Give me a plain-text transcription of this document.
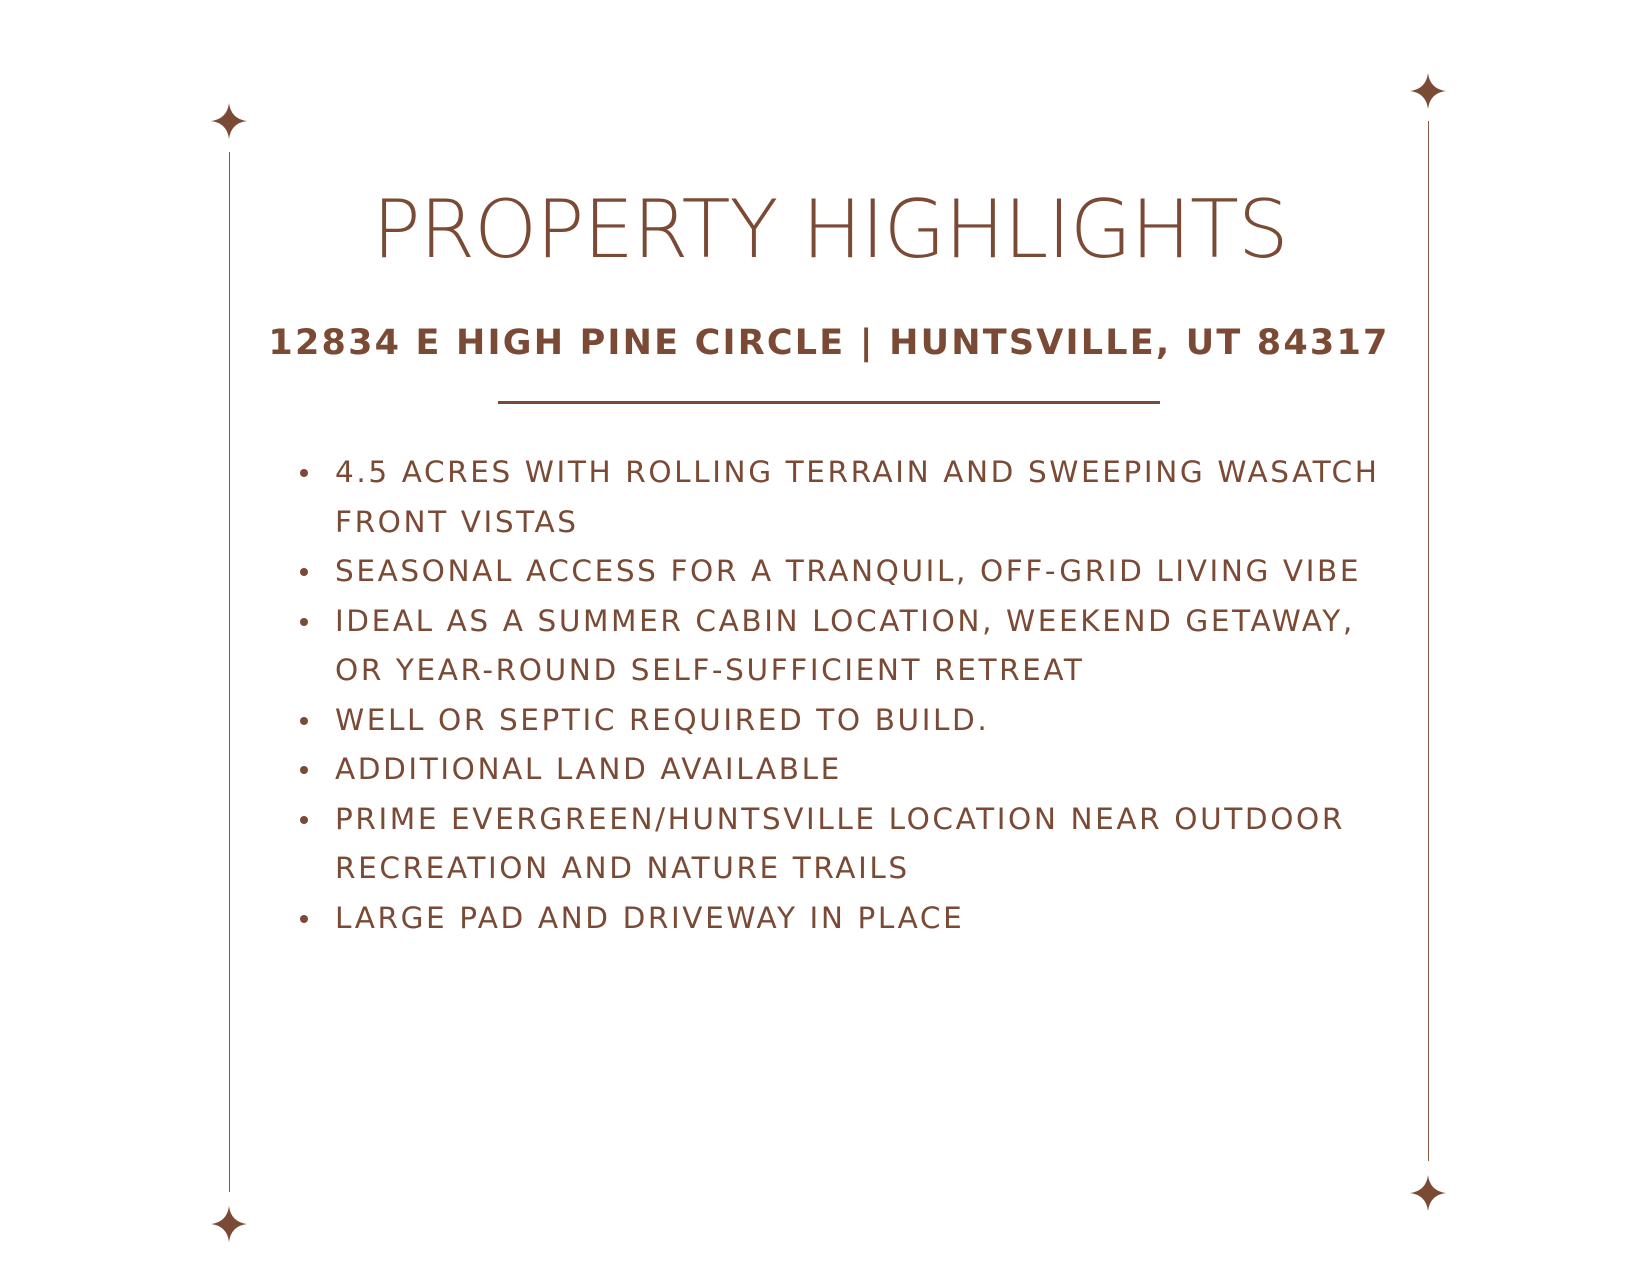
PROPERTY HIGHLIGHTS
12834 E HIGH PINE CIRCLE | HUNTSVILLE, UT 84317
4.5 ACRES WITH ROLLING TERRAIN AND SWEEPING WASATCH FRONT VISTAS
SEASONAL ACCESS FOR A TRANQUIL, OFF-GRID LIVING VIBE
IDEAL AS A SUMMER CABIN LOCATION, WEEKEND GETAWAY, OR YEAR-ROUND SELF-SUFFICIENT RETREAT
WELL OR SEPTIC REQUIRED TO BUILD.
ADDITIONAL LAND AVAILABLE
PRIME EVERGREEN/HUNTSVILLE LOCATION NEAR OUTDOOR RECREATION AND NATURE TRAILS
LARGE PAD AND DRIVEWAY IN PLACE
